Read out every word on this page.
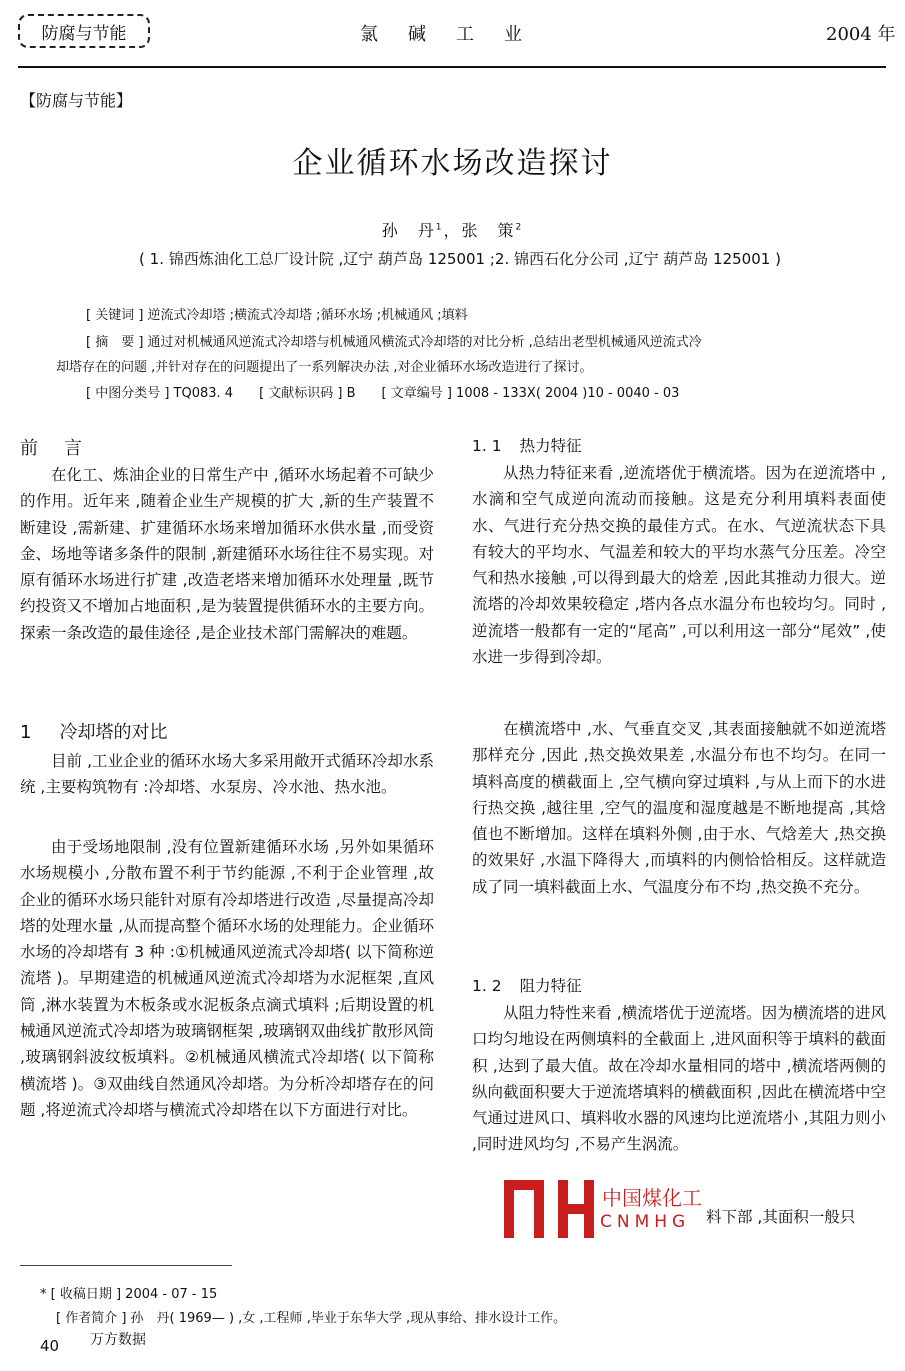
防腐与节能	氯碱工业	2004 年
【防腐与节能】
企业循环水场改造探讨
孙　丹$^1$，张　策$^2$
( 1. 锦西炼油化工总厂设计院 ,辽宁 葫芦岛 125001 ;2. 锦西石化分公司 ,辽宁 葫芦岛 125001 )
[ 关键词 ] 逆流式冷却塔 ;横流式冷却塔 ;循环水场 ;机械通风 ;填料
[ 摘　要 ] 通过对机械通风逆流式冷却塔与机械通风横流式冷却塔的对比分析 ,总结出老型机械通风逆流式冷
却塔存在的问题 ,并针对存在的问题提出了一系列解决办法 ,对企业循环水场改造进行了探讨。
[ 中图分类号 ] TQ083. 4　　[ 文献标识码 ] B　　[ 文章编号 ] 1008 - 133X( 2004 )10 - 0040 - 03
前　言
在化工、炼油企业的日常生产中 ,循环水场起着不可缺少的作用。近年来 ,随着企业生产规模的扩大 ,新的生产装置不断建设 ,需新建、扩建循环水场来增加循环水供水量 ,而受资金、场地等诸多条件的限制 ,新建循环水场往往不易实现。对原有循环水场进行扩建 ,改造老塔来增加循环水处理量 ,既节约投资又不增加占地面积 ,是为装置提供循环水的主要方向。探索一条改造的最佳途径 ,是企业技术部门需解决的难题。
1 冷却塔的对比
目前 ,工业企业的循环水场大多采用敞开式循环冷却水系统 ,主要构筑物有 :冷却塔、水泵房、冷水池、热水池。
由于受场地限制 ,没有位置新建循环水场 ,另外如果循环水场规模小 ,分散布置不利于节约能源 ,不利于企业管理 ,故企业的循环水场只能针对原有冷却塔进行改造 ,尽量提高冷却塔的处理水量 ,从而提高整个循环水场的处理能力。企业循环水场的冷却塔有 3 种 :①机械通风逆流式冷却塔( 以下简称逆流塔 )。早期建造的机械通风逆流式冷却塔为水泥框架 ,直风筒 ,淋水装置为木板条或水泥板条点滴式填料 ;后期设置的机械通风逆流式冷却塔为玻璃钢框架 ,玻璃钢双曲线扩散形风筒 ,玻璃钢斜波纹板填料。②机械通风横流式冷却塔( 以下简称横流塔 )。③双曲线自然通风冷却塔。为分析冷却塔存在的问题 ,将逆流式冷却塔与横流式冷却塔在以下方面进行对比。
1. 1 热力特征
从热力特征来看 ,逆流塔优于横流塔。因为在逆流塔中 ,水滴和空气成逆向流动而接触。这是充分利用填料表面使水、气进行充分热交换的最佳方式。在水、气逆流状态下具有较大的平均水、气温差和较大的平均水蒸气分压差。冷空气和热水接触 ,可以得到最大的焓差 ,因此其推动力很大。逆流塔的冷却效果较稳定 ,塔内各点水温分布也较均匀。同时 ,逆流塔一般都有一定的“尾高” ,可以利用这一部分“尾效” ,使水进一步得到冷却。
在横流塔中 ,水、气垂直交叉 ,其表面接触就不如逆流塔那样充分 ,因此 ,热交换效果差 ,水温分布也不均匀。在同一填料高度的横截面上 ,空气横向穿过填料 ,与从上而下的水进行热交换 ,越往里 ,空气的温度和湿度越是不断地提高 ,其焓值也不断增加。这样在填料外侧 ,由于水、气焓差大 ,热交换的效果好 ,水温下降得大 ,而填料的内侧恰恰相反。这样就造成了同一填料截面上水、气温度分布不均 ,热交换不充分。
1. 2 阻力特征
从阻力特性来看 ,横流塔优于逆流塔。因为横流塔的进风口均匀地设在两侧填料的全截面上 ,进风面积等于填料的截面积 ,达到了最大值。故在冷却水量相同的塔中 ,横流塔两侧的纵向截面积要大于逆流塔填料的横截面积 ,因此在横流塔中空气通过进风口、填料收水器的风速均比逆流塔小 ,其阻力则小 ,同时进风均匀 ,不易产生涡流。
料下部 ,其面积一般只
中国煤化工
CNMHG
* [ 收稿日期 ] 2004 - 07 - 15
[ 作者简介 ] 孙　丹( 1969— ) ,女 ,工程师 ,毕业于东华大学 ,现从事给、排水设计工作。
40 万方数据
